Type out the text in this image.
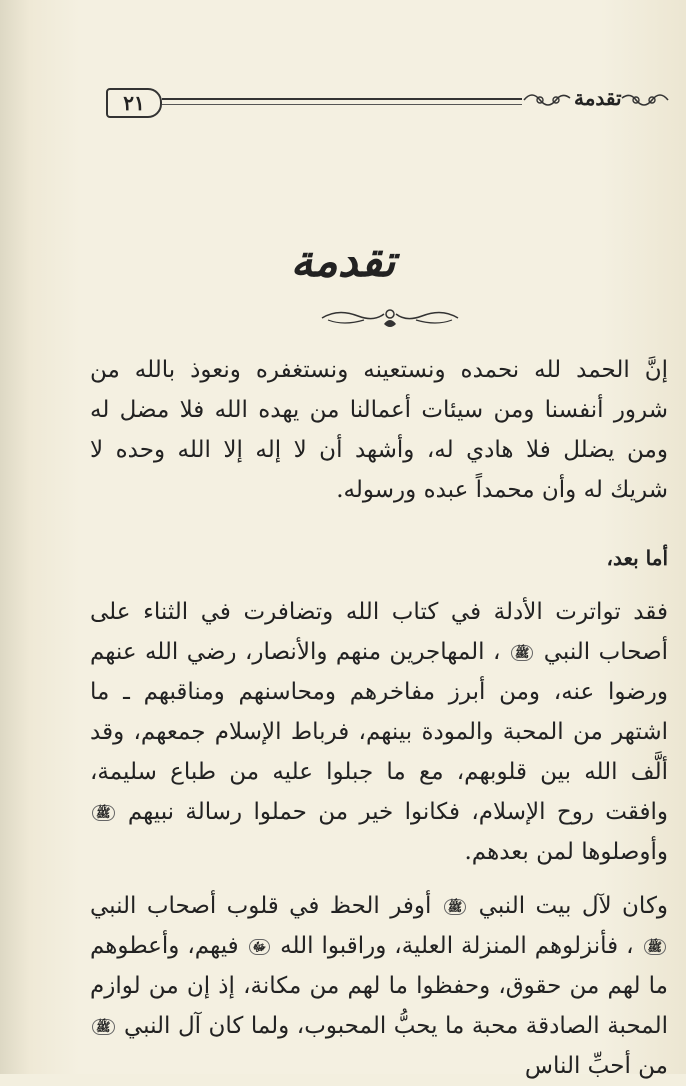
٢١	تقدمة
تقدمة

إنَّ الحمد لله نحمده ونستعينه ونستغفره ونعوذ بالله من شرور أنفسنا ومن سيئات أعمالنا من يهده الله فلا مضل له ومن يضلل فلا هادي له، وأشهد أن لا إله إلا الله وحده لا شريك له وأن محمداً عبده ورسوله.

أما بعد،

فقد تواترت الأدلة في كتاب الله وتضافرت في الثناء على أصحاب النبي ﷺ ، المهاجرين منهم والأنصار، رضي الله عنهم ورضوا عنه، ومن أبرز مفاخرهم ومحاسنهم ومناقبهم ـ ما اشتهر من المحبة والمودة بينهم، فرباط الإسلام جمعهم، وقد ألَّف الله بين قلوبهم، مع ما جبلوا عليه من طباع سليمة، وافقت روح الإسلام، فكانوا خير من حملوا رسالة نبيهم ﷺ وأوصلوها لمن بعدهم.

وكان لآل بيت النبي ﷺ أوفر الحظ في قلوب أصحاب النبي ﷺ ، فأنزلوهم المنزلة العلية، وراقبوا الله ﷻ فيهم، وأعطوهم ما لهم من حقوق، وحفظوا ما لهم من مكانة، إذ إن من لوازم المحبة الصادقة محبة ما يحبُّ المحبوب، ولما كان آل النبي ﷺ من أحبِّ الناس
